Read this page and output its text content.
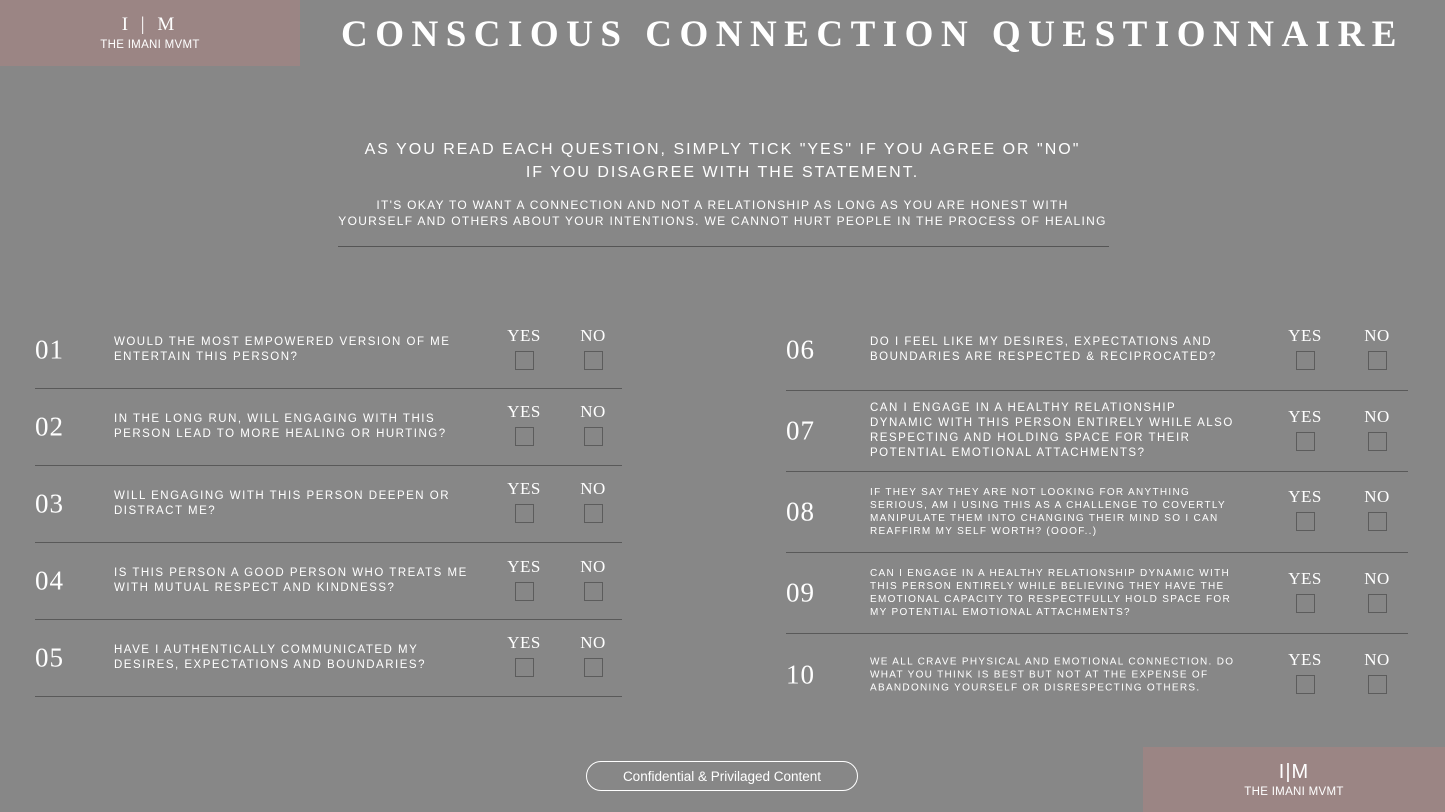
I | M
THE IMANI MVMT	CONSCIOUS CONNECTION QUESTIONNAIRE
AS YOU READ EACH QUESTION, SIMPLY TICK "YES" IF YOU AGREE OR "NO"
IF YOU DISAGREE WITH THE STATEMENT.
IT'S OKAY TO WANT A CONNECTION AND NOT A RELATIONSHIP AS LONG AS YOU ARE HONEST WITH
YOURSELF AND OTHERS ABOUT YOUR INTENTIONS. WE CANNOT HURT PEOPLE IN THE PROCESS OF HEALING
01	WOULD THE MOST EMPOWERED VERSION OF ME ENTERTAIN THIS PERSON?
YES	NO
02	IN THE LONG RUN, WILL ENGAGING WITH THIS PERSON LEAD TO MORE HEALING OR HURTING?
YES	NO
03	WILL ENGAGING WITH THIS PERSON DEEPEN OR DISTRACT ME?
YES	NO
04	IS THIS PERSON A GOOD PERSON WHO TREATS ME WITH MUTUAL RESPECT AND KINDNESS?
YES	NO
05	HAVE I AUTHENTICALLY COMMUNICATED MY DESIRES, EXPECTATIONS AND BOUNDARIES?
YES	NO
06	DO I FEEL LIKE MY DESIRES, EXPECTATIONS AND BOUNDARIES ARE RESPECTED & RECIPROCATED?
YES	NO
07
CAN I ENGAGE IN A HEALTHY RELATIONSHIP DYNAMIC WITH THIS PERSON ENTIRELY WHILE ALSO RESPECTING AND HOLDING SPACE FOR THEIR POTENTIAL EMOTIONAL ATTACHMENTS?
YES	NO
08
IF THEY SAY THEY ARE NOT LOOKING FOR ANYTHING SERIOUS, AM I USING THIS AS A CHALLENGE TO COVERTLY MANIPULATE THEM INTO CHANGING THEIR MIND SO I CAN REAFFIRM MY SELF WORTH? (OOOF..)
YES	NO
09
CAN I ENGAGE IN A HEALTHY RELATIONSHIP DYNAMIC WITH THIS PERSON ENTIRELY WHILE BELIEVING THEY HAVE THE EMOTIONAL CAPACITY TO RESPECTFULLY HOLD SPACE FOR MY POTENTIAL EMOTIONAL ATTACHMENTS?
YES	NO
10	WE ALL CRAVE PHYSICAL AND EMOTIONAL CONNECTION. DO WHAT YOU THINK IS BEST BUT NOT AT THE EXPENSE OF ABANDONING YOURSELF OR DISRESPECTING OTHERS.
YES	NO
Confidential & Privilaged Content	I|M
THE IMANI MVMT
